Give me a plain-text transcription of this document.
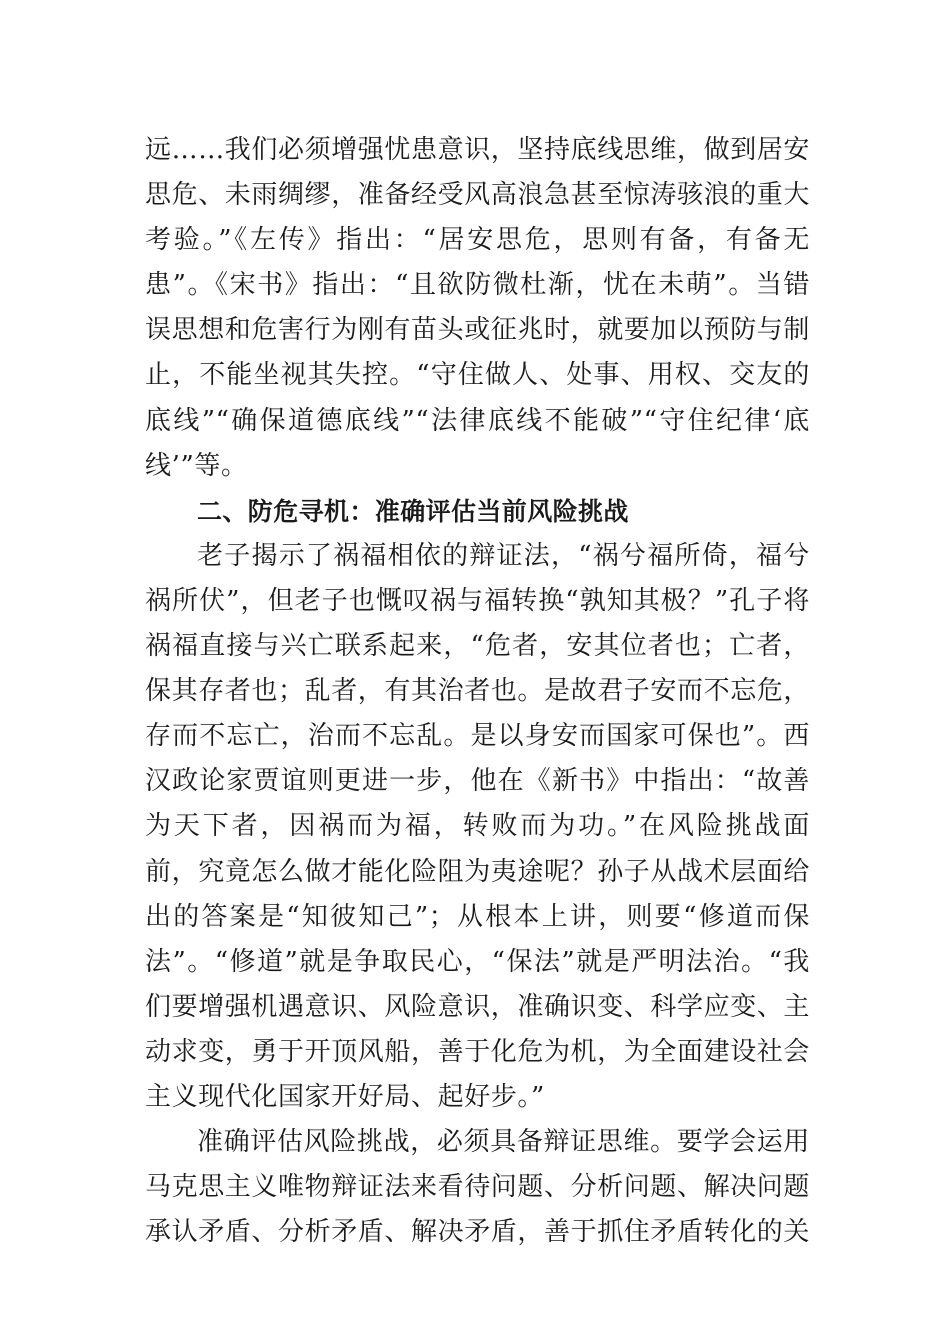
远……我们必须增强忧患意识，坚持底线思维，做到居安思危、未雨绸缪，准备经受风高浪急甚至惊涛骇浪的重大考验。”《左传》指出：“居安思危，思则有备，有备无患”。《宋书》指出：“且欲防微杜渐，忧在未萌”。当错误思想和危害行为刚有苗头或征兆时，就要加以预防与制止，不能坐视其失控。“守住做人、处事、用权、交友的底线”“确保道德底线”“法律底线不能破”“守住纪律‘底线’”等。

二、防危寻机：准确评估当前风险挑战

老子揭示了祸福相依的辩证法，“祸兮福所倚，福兮祸所伏”，但老子也慨叹祸与福转换“孰知其极？”孔子将祸福直接与兴亡联系起来，“危者，安其位者也；亡者，保其存者也；乱者，有其治者也。是故君子安而不忘危，存而不忘亡，治而不忘乱。是以身安而国家可保也”。西汉政论家贾谊则更进一步，他在《新书》中指出：“故善为天下者，因祸而为福，转败而为功。”在风险挑战面前，究竟怎么做才能化险阻为夷途呢？孙子从战术层面给出的答案是“知彼知己”；从根本上讲，则要“修道而保法”。“修道”就是争取民心，“保法”就是严明法治。“我们要增强机遇意识、风险意识，准确识变、科学应变、主动求变，勇于开顶风船，善于化危为机，为全面建设社会主义现代化国家开好局、起好步。”

准确评估风险挑战，必须具备辩证思维。要学会运用马克思主义唯物辩证法来看待问题、分析问题、解决问题承认矛盾、分析矛盾、解决矛盾，善于抓住矛盾转化的关
